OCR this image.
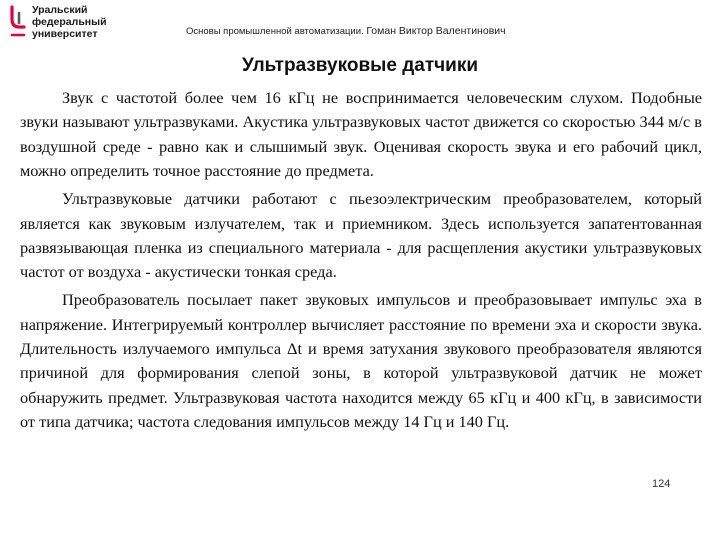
Уральский
федеральный
университет	Основы промышленной автоматизации. Гоман Виктор Валентинович
Ультразвуковые датчики

Звук с частотой более чем 16 кГц не воспринимается человеческим слухом. Подобные звуки называют ультразвуками. Акустика ультразвуковых частот движется со скоростью 344 м/с в воздушной среде - равно как и слышимый звук. Оценивая скорость звука и его рабочий цикл, можно определить точное расстояние до предмета.

Ультразвуковые датчики работают с пьезоэлектрическим преобразователем, который является как звуковым излучателем, так и приемником. Здесь используется запатентованная развязывающая пленка из специального материала - для расщепления акустики ультразвуковых частот от воздуха - акустически тонкая среда.

Преобразователь посылает пакет звуковых импульсов и преобразовывает импульс эха в напряжение. Интегрируемый контроллер вычисляет расстояние по времени эха и скорости звука. Длительность излучаемого импульса Δt и время затухания звукового преобразователя являются причиной для формирования слепой зоны, в которой ультразвуковой датчик не может обнаружить предмет. Ультразвуковая частота находится между 65 кГц и 400 кГц, в зависимости от типа датчика; частота следования импульсов между 14 Гц и 140 Гц.

124
